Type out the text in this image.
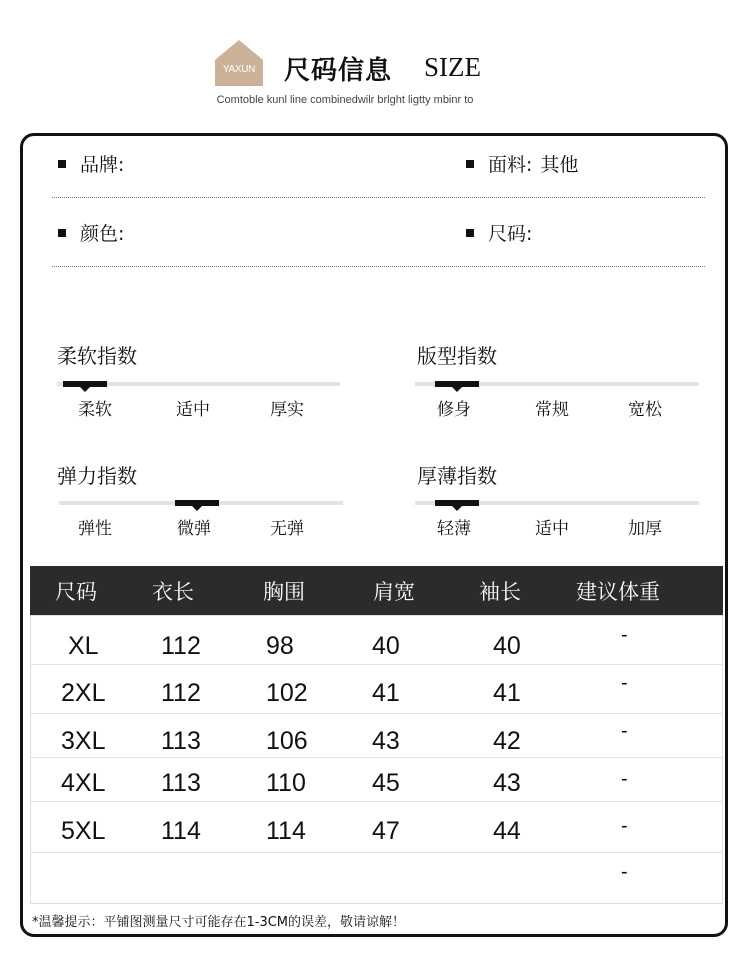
YAXUN	尺码信息 SIZE
Comtoble kunl line combinedwilr brlght ligtty mbinr to
品牌:	面料: 其他
颜色:	尺码:
柔软指数
柔软	适中	厚实
版型指数
修身	常规	宽松
弹力指数
弹性	微弹	无弹
厚薄指数
轻薄	适中	加厚
尺码	衣长	胸围	肩宽	袖长	建议体重
XL 112	98	40	40	-
2XL 112	102	41	41	-
3XL 113	106	43	42	-
4XL 113	110	45	43	-
5XL 114	114	47	44	-
-
*温馨提示：平铺图测量尺寸可能存在1-3CM的误差，敬请谅解！
